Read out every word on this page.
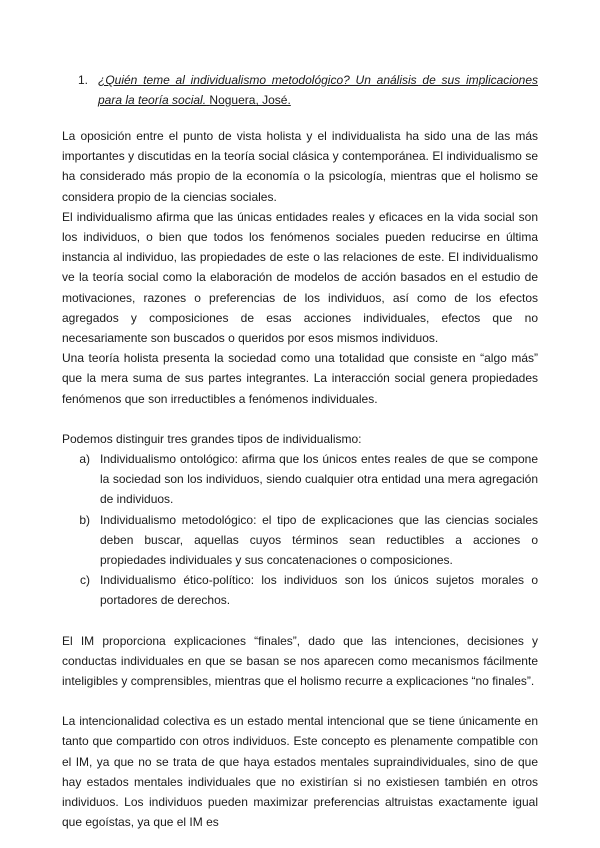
1. ¿Quién teme al individualismo metodológico? Un análisis de sus implicaciones para la teoría social. Noguera, José.

La oposición entre el punto de vista holista y el individualista ha sido una de las más importantes y discutidas en la teoría social clásica y contemporánea. El individualismo se ha considerado más propio de la economía o la psicología, mientras que el holismo se considera propio de la ciencias sociales.

El individualismo afirma que las únicas entidades reales y eficaces en la vida social son los individuos, o bien que todos los fenómenos sociales pueden reducirse en última instancia al individuo, las propiedades de este o las relaciones de este. El individualismo ve la teoría social como la elaboración de modelos de acción basados en el estudio de motivaciones, razones o preferencias de los individuos, así como de los efectos agregados y composiciones de esas acciones individuales, efectos que no necesariamente son buscados o queridos por esos mismos individuos.

Una teoría holista presenta la sociedad como una totalidad que consiste en “algo más” que la mera suma de sus partes integrantes. La interacción social genera propiedades fenómenos que son irreductibles a fenómenos individuales.

Podemos distinguir tres grandes tipos de individualismo:

a) Individualismo ontológico: afirma que los únicos entes reales de que se compone la sociedad son los individuos, siendo cualquier otra entidad una mera agregación de individuos.
b) Individualismo metodológico: el tipo de explicaciones que las ciencias sociales deben buscar, aquellas cuyos términos sean reductibles a acciones o propiedades individuales y sus concatenaciones o composiciones.
c) Individualismo ético-político: los individuos son los únicos sujetos morales o portadores de derechos.

El IM proporciona explicaciones “finales”, dado que las intenciones, decisiones y conductas individuales en que se basan se nos aparecen como mecanismos fácilmente inteligibles y comprensibles, mientras que el holismo recurre a explicaciones “no finales”.

La intencionalidad colectiva es un estado mental intencional que se tiene únicamente en tanto que compartido con otros individuos. Este concepto es plenamente compatible con el IM, ya que no se trata de que haya estados mentales supraindividuales, sino de que hay estados mentales individuales que no existirían si no existiesen también en otros individuos. Los individuos pueden maximizar preferencias altruistas exactamente igual que egoístas, ya que el IM es
